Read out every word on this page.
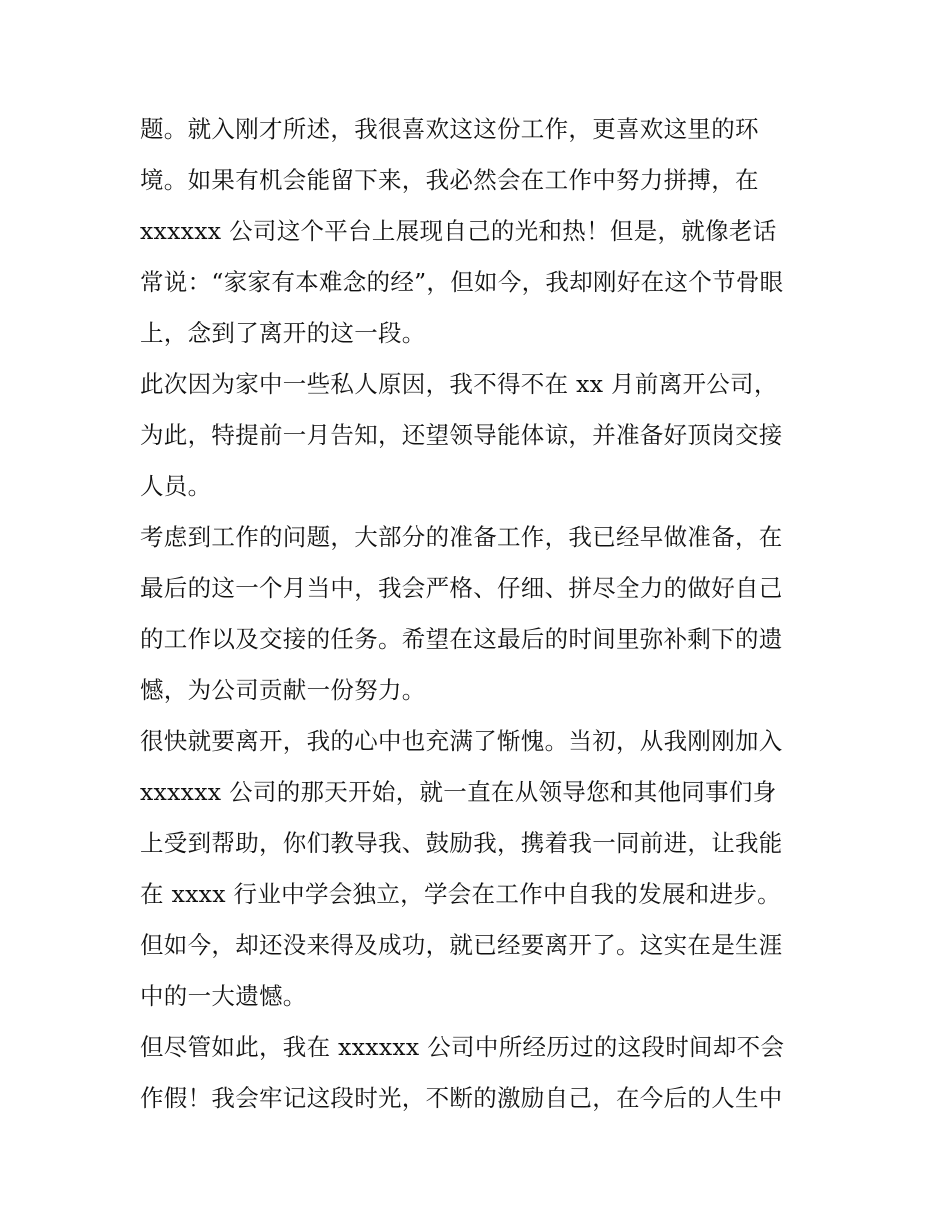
题。就入刚才所述，我很喜欢这这份工作，更喜欢这里的环
境。如果有机会能留下来，我必然会在工作中努力拼搏，在
xxxxxx 公司这个平台上展现自己的光和热！但是，就像老话
常说：“家家有本难念的经”，但如今，我却刚好在这个节骨眼
上，念到了离开的这一段。
此次因为家中一些私人原因，我不得不在 xx 月前离开公司，
为此，特提前一月告知，还望领导能体谅，并准备好顶岗交接
人员。
考虑到工作的问题，大部分的准备工作，我已经早做准备，在
最后的这一个月当中，我会严格、仔细、拼尽全力的做好自己
的工作以及交接的任务。希望在这最后的时间里弥补剩下的遗
憾，为公司贡献一份努力。
很快就要离开，我的心中也充满了惭愧。当初，从我刚刚加入
xxxxxx 公司的那天开始，就一直在从领导您和其他同事们身
上受到帮助，你们教导我、鼓励我，携着我一同前进，让我能
在 xxxx 行业中学会独立，学会在工作中自我的发展和进步。
但如今，却还没来得及成功，就已经要离开了。这实在是生涯
中的一大遗憾。
但尽管如此，我在 xxxxxx 公司中所经历过的这段时间却不会
作假！我会牢记这段时光，不断的激励自己，在今后的人生中
